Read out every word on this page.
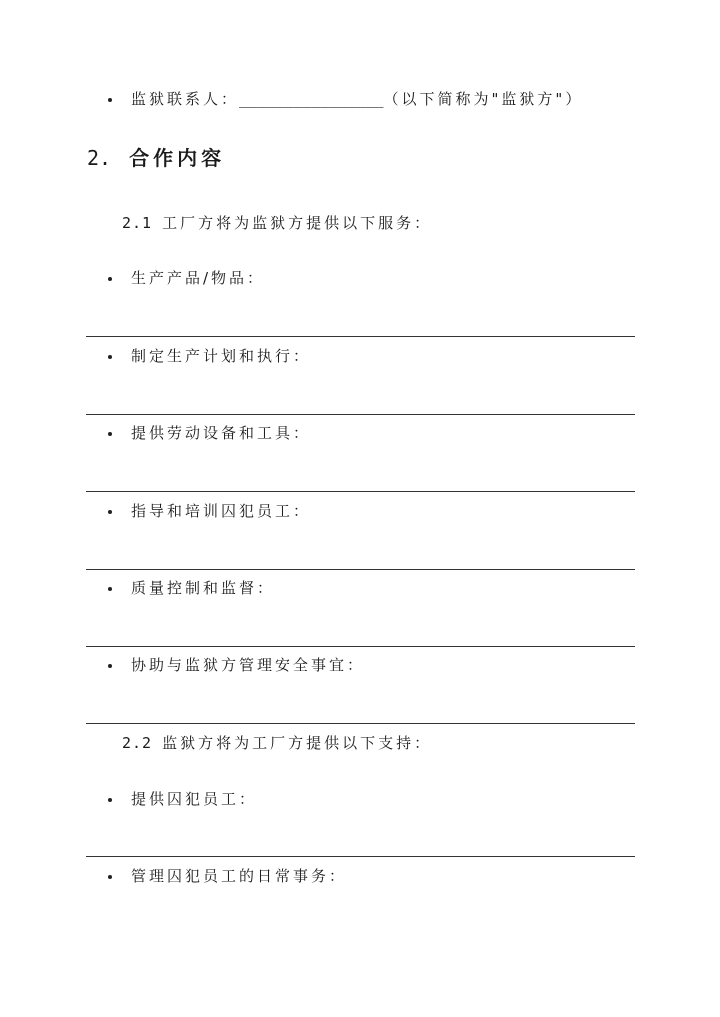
监狱联系人：________________（以下简称为"监狱方"）
2. 合作内容
2.1 工厂方将为监狱方提供以下服务：
生产产品/物品：
制定生产计划和执行：
提供劳动设备和工具：
指导和培训囚犯员工：
质量控制和监督：
协助与监狱方管理安全事宜：
2.2 监狱方将为工厂方提供以下支持：
提供囚犯员工：
管理囚犯员工的日常事务：
